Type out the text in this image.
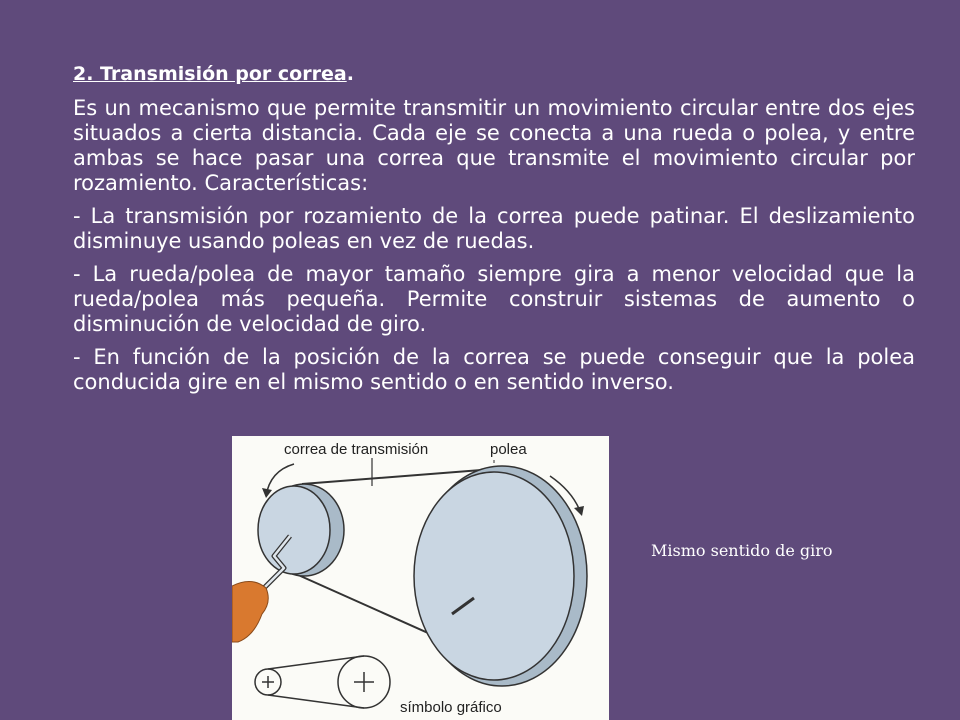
2. Transmisión por correa.

Es un mecanismo que permite transmitir un movimiento circular entre dos ejes situados a cierta distancia. Cada eje se conecta a una rueda o polea, y entre ambas se hace pasar una correa que transmite el movimiento circular por rozamiento. Características:

- La transmisión por rozamiento de la correa puede patinar. El deslizamiento disminuye usando poleas en vez de ruedas.

- La rueda/polea de mayor tamaño siempre gira a menor velocidad que la rueda/polea más pequeña. Permite construir sistemas de aumento o disminución de velocidad de giro.

- En función de la posición de la correa se puede conseguir que la polea conducida gire en el mismo sentido o en sentido inverso.

correa de transmisión	polea
símbolo gráfico
Mismo sentido de giro
